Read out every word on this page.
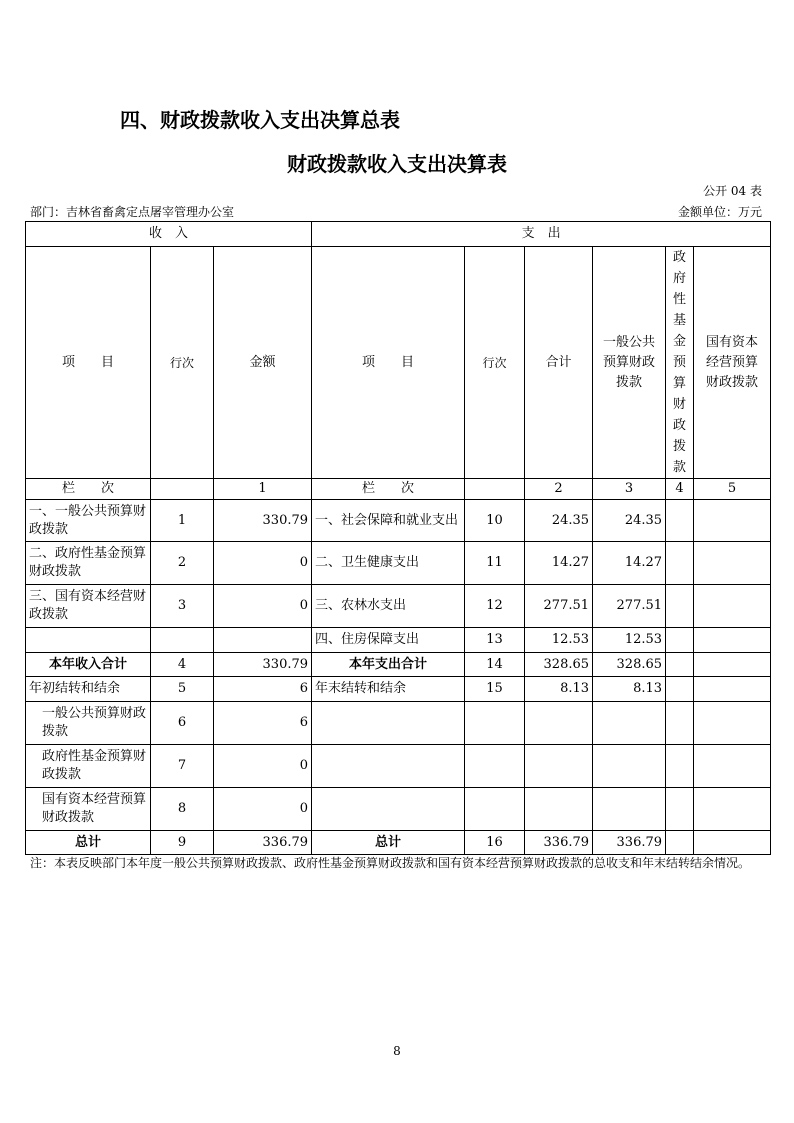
四、财政拨款收入支出决算总表
财政拨款收入支出决算表
公开 04 表
部门：吉林省畜禽定点屠宰管理办公室	金额单位：万元
收　入			支　出					
项　　目	行次	金额	项　　目	行次	合计	一般公共预算财政拨款	政府性基金预算财政拨款	国有资本经营预算财政拨款

栏　　次		1	栏　　次		2	3	4	5
一、一般公共预算财政拨款	1	330.79	一、社会保障和就业支出	10	24.35	24.35		
二、政府性基金预算财政拨款	2	0	二、卫生健康支出	11	14.27	14.27		
三、国有资本经营财政拨款	3	0	三、农林水支出	12	277.51	277.51		
			四、住房保障支出	13	12.53	12.53		
本年收入合计	4	330.79	本年支出合计	14	328.65	328.65		
年初结转和结余	5	6	年末结转和结余	15	8.13	8.13		
一般公共预算财政拨款	6	6						
政府性基金预算财政拨款	7	0						
国有资本经营预算财政拨款	8	0						
总计	9	336.79	总计	16	336.79	336.79		
注：本表反映部门本年度一般公共预算财政拨款、政府性基金预算财政拨款和国有资本经营预算财政拨款的总收支和年末结转结余情况。
8
